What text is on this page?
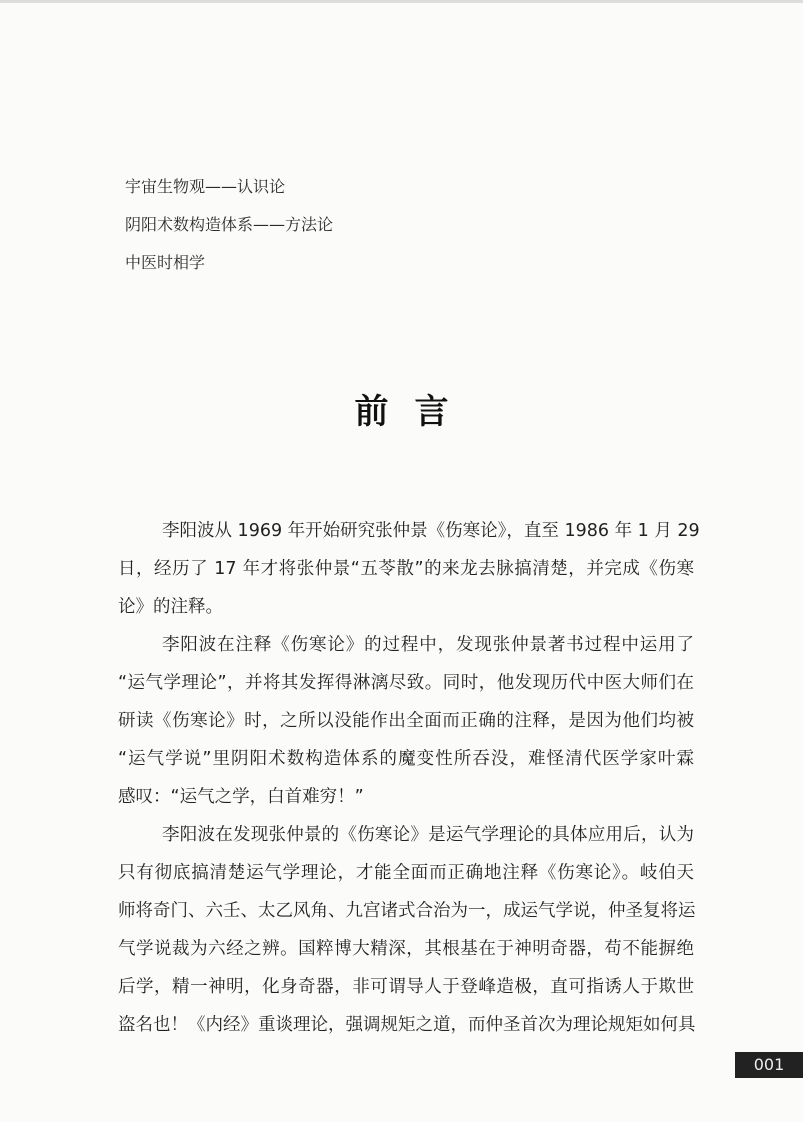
宇宙生物观——认识论
阴阳术数构造体系——方法论
中医时相学
前言
李阳波从 1969 年开始研究张仲景《伤寒论》，直至 1986 年 1 月 29
日，经历了 17 年才将张仲景“五苓散”的来龙去脉搞清楚，并完成《伤寒
论》的注释。
李阳波在注释《伤寒论》的过程中，发现张仲景著书过程中运用了
“运气学理论”，并将其发挥得淋漓尽致。同时，他发现历代中医大师们在
研读《伤寒论》时，之所以没能作出全面而正确的注释，是因为他们均被
“运气学说”里阴阳术数构造体系的魔变性所吞没，难怪清代医学家叶霖
感叹：“运气之学，白首难穷！”
李阳波在发现张仲景的《伤寒论》是运气学理论的具体应用后，认为
只有彻底搞清楚运气学理论，才能全面而正确地注释《伤寒论》。岐伯天
师将奇门、六壬、太乙风角、九宫诸式合治为一，成运气学说，仲圣复将运
气学说裁为六经之辨。国粹博大精深，其根基在于神明奇器，苟不能摒绝
后学，精一神明，化身奇器，非可谓导人于登峰造极，直可指诱人于欺世
盗名也！《内经》重谈理论，强调规矩之道，而仲圣首次为理论规矩如何具
001
